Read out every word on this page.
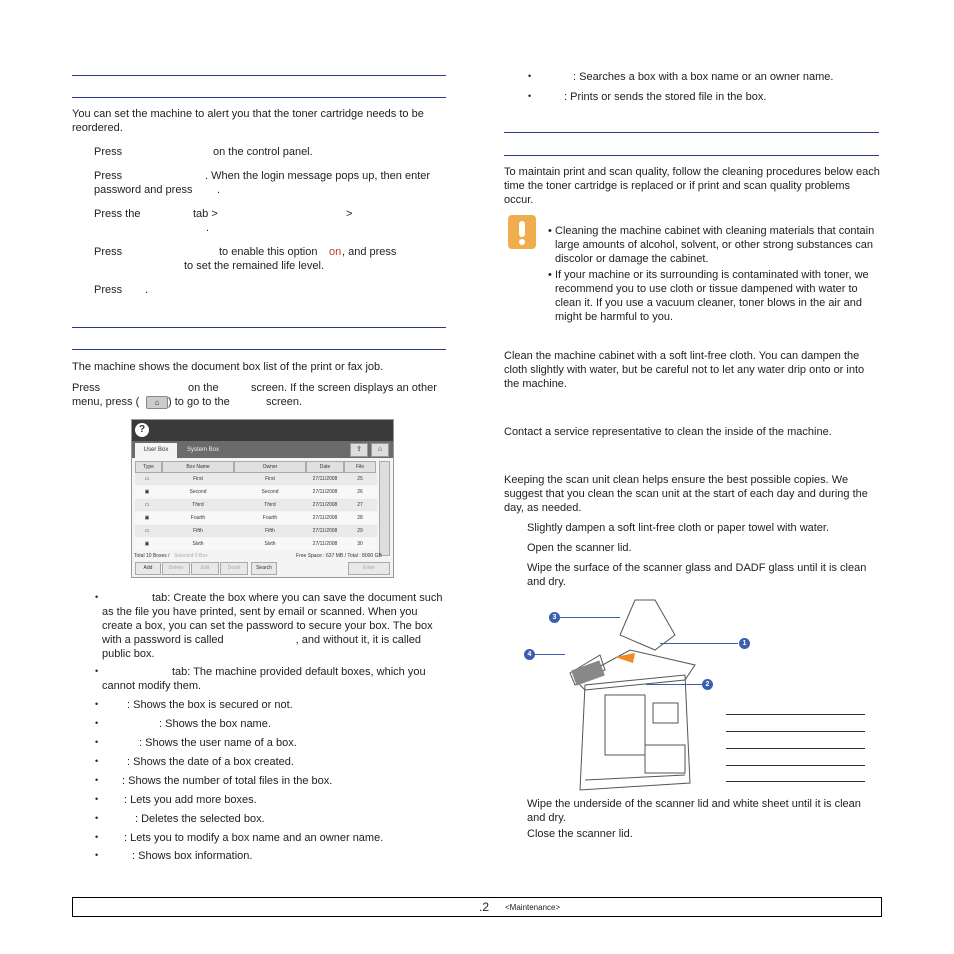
You can set the machine to alert you that the toner cartridge needs to be reordered.
Press	on the control panel.
Press	. When the login message pops up, then enter
password and press .
Press the	tab >	>
.
Press	to enable this option on , and press
to set the remained life level.
Press .
The machine shows the document box list of the print or fax job.
Press	on the	screen. If the screen displays an other
menu, press (	⌂ ) to go to the	screen.
?
User Box	System Box	⇪	⌂
Type	Box Name	Owner	Date	File
▭	First	First	27/11/2008	25
▣	Second	Second	27/11/2008	26
▭	Third	Third	27/11/2008	27
▣	Fourth	Fourth	27/11/2008	28
▭	Fifth	Fifth	27/11/2008	29
▣	Sixth	Sixth	27/11/2008	30
Total 10 Boxes / Selected 0 Box	Free Space : 637 MB / Total : 8000 GB
Add	Delete	Edit	Detail	Search	Enter
•	tab: Create the box where you can save the document such as the file you have printed, sent by email or scanned. When you create a box, you can set the password to secure your box. The box with a password is called	, and without it, it is called public box.
•	tab: The machine provided default boxes, which you cannot modify them.
•	: Shows the box is secured or not.
•	: Shows the box name.
•	: Shows the user name of a box.
•	: Shows the date of a box created.
• : Shows the number of total files in the box.
• : Lets you add more boxes.
•	: Deletes the selected box.
• : Lets you to modify a box name and an owner name.
•	: Shows box information.
•	: Searches a box with a box name or an owner name.
•	: Prints or sends the stored file in the box.
To maintain print and scan quality, follow the cleaning procedures below each time the toner cartridge is replaced or if print and scan quality problems occur.
• Cleaning the machine cabinet with cleaning materials that contain large amounts of alcohol, solvent, or other strong substances can discolor or damage the cabinet.
• If your machine or its surrounding is contaminated with toner, we recommend you to use cloth or tissue dampened with water to clean it. If you use a vacuum cleaner, toner blows in the air and might be harmful to you.
Clean the machine cabinet with a soft lint-free cloth. You can dampen the cloth slightly with water, but be careful not to let any water drip onto or into the machine.
Contact a service representative to clean the inside of the machine.
Keeping the scan unit clean helps ensure the best possible copies. We suggest that you clean the scan unit at the start of each day and during the day, as needed.
Slightly dampen a soft lint-free cloth or paper towel with water.
Open the scanner lid.
Wipe the surface of the scanner glass and DADF glass until it is clean and dry.
1
2
3
4
Wipe the underside of the scanner lid and white sheet until it is clean and dry.
Close the scanner lid.
.2 <Maintenance>
